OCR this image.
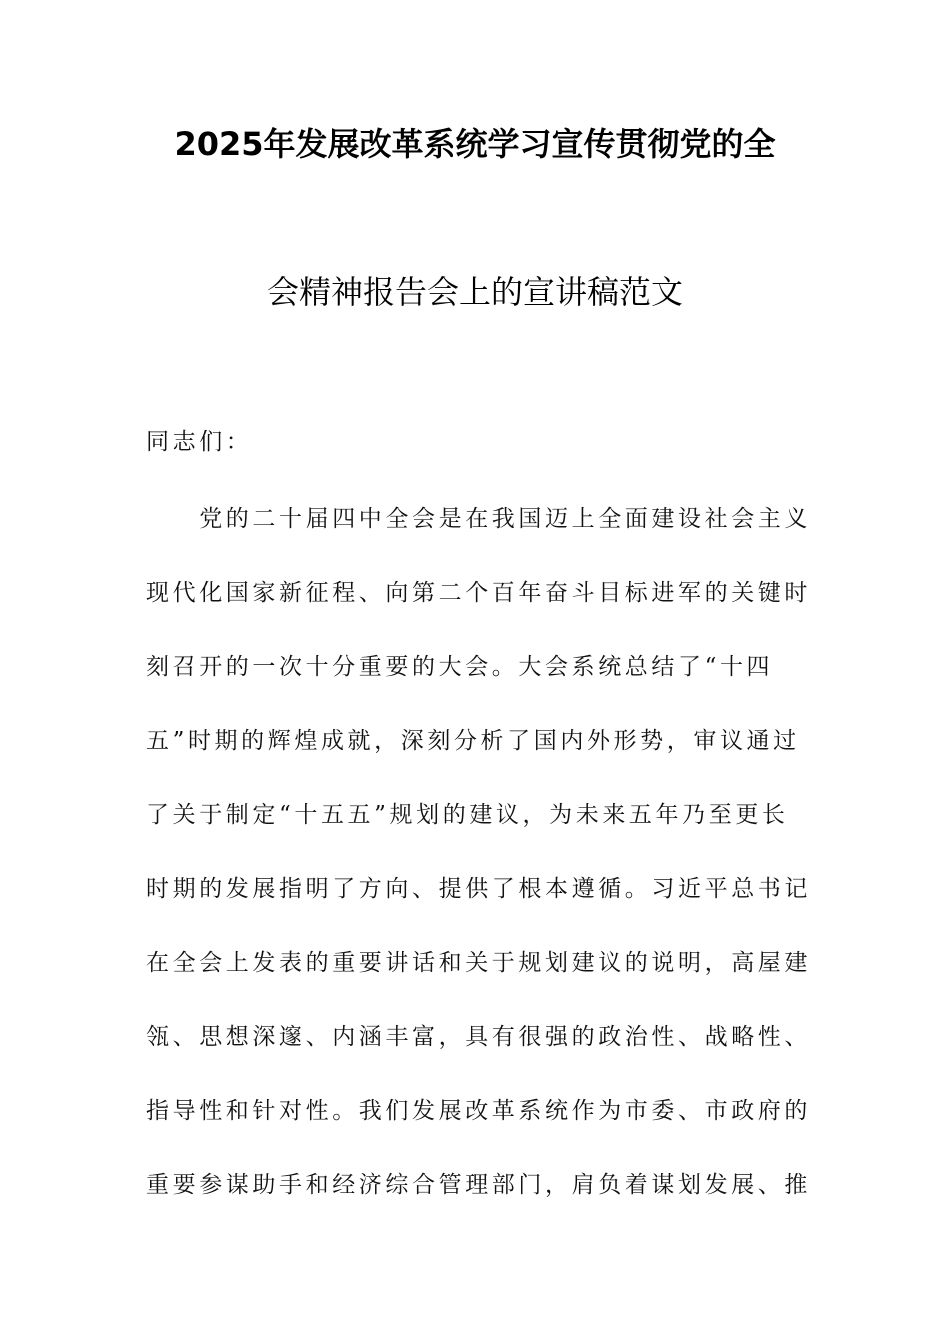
2025年发展改革系统学习宣传贯彻党的全
会精神报告会上的宣讲稿范文
同志们：
　　党的二十届四中全会是在我国迈上全面建设社会主义
现代化国家新征程、向第二个百年奋斗目标进军的关键时
刻召开的一次十分重要的大会。大会系统总结了“十四
五”时期的辉煌成就，深刻分析了国内外形势，审议通过
了关于制定“十五五”规划的建议，为未来五年乃至更长
时期的发展指明了方向、提供了根本遵循。习近平总书记
在全会上发表的重要讲话和关于规划建议的说明，高屋建
瓴、思想深邃、内涵丰富，具有很强的政治性、战略性、
指导性和针对性。我们发展改革系统作为市委、市政府的
重要参谋助手和经济综合管理部门，肩负着谋划发展、推
